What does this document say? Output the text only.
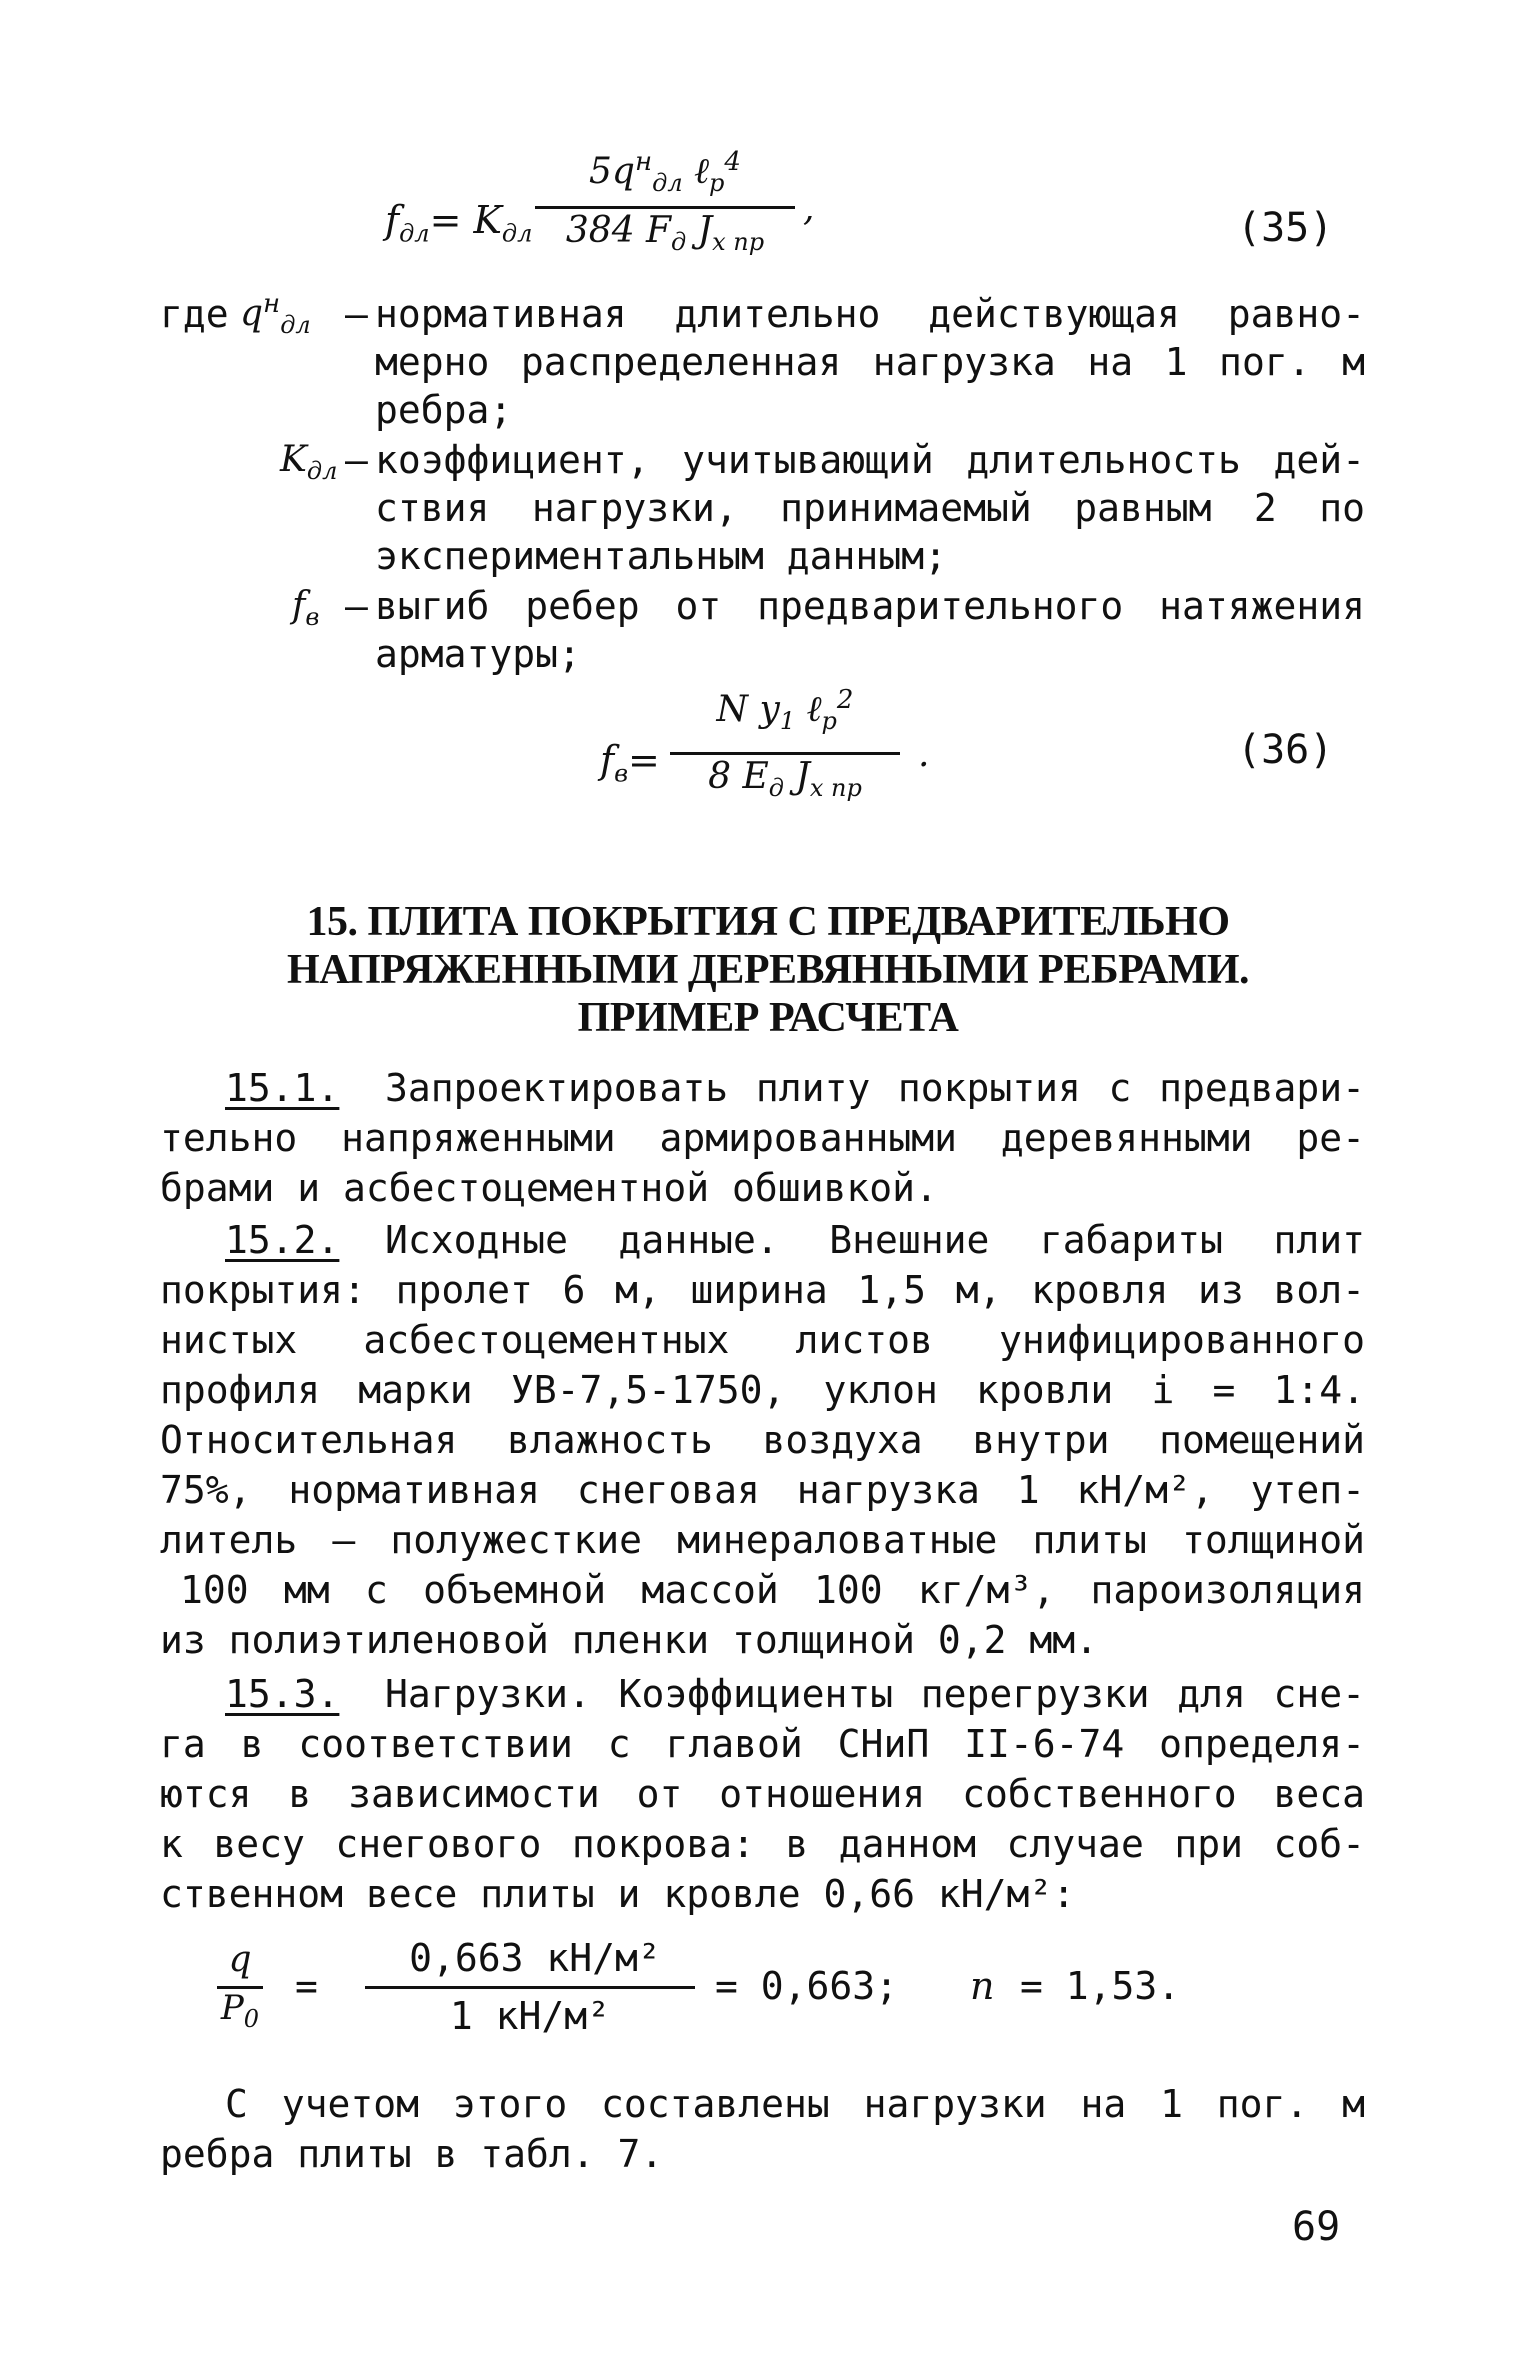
$f_{дл}= K_{дл}$
$5q^н_{дл}$ ℓ$_р^4$
384 $F_д$ $J_{х пр}$
,	(35)
где $q^н_{дл}$ – нормативная длительно действующая равно-
мерно распределенная нагрузка на 1 пог. м
ребра;
$K_{дл}$ – коэффициент, учитывающий длительность дей-
ствия нагрузки, принимаемый равным 2 по
экспериментальным данным;
$f_в$ – выгиб ребер от предварительного натяжения
арматуры;
$f_в=$
N $y_1$ ℓ$_р^2$
8 $E_д$ $J_{х пр}$
.	(36)
15. ПЛИТА ПОКРЫТИЯ С ПРЕДВАРИТЕЛЬНО
НАПРЯЖЕННЫМИ ДЕРЕВЯННЫМИ РЕБРАМИ.
ПРИМЕР РАСЧЕТА
15.1. Запроектировать плиту покрытия с предвари-
тельно напряженными армированными деревянными ре-
брами и асбестоцементной обшивкой.
15.2. Исходные данные. Внешние габариты плит
покрытия: пролет 6 м, ширина 1,5 м, кровля из вол-
нистых асбестоцементных листов унифицированного
профиля марки УВ-7,5-1750, уклон кровли i = 1:4.
Относительная влажность воздуха внутри помещений
75%, нормативная снеговая нагрузка 1 кН/м², утеп-
литель – полужесткие минераловатные плиты толщиной
100 мм с объемной массой 100 кг/м³, пароизоляция
из полиэтиленовой пленки толщиной 0,2 мм.
15.3. Нагрузки. Коэффициенты перегрузки для сне-
га в соответствии с главой СНиП II-6-74 определя-
ются в зависимости от отношения собственного веса
к весу снегового покрова: в данном случае при соб-
ственном весе плиты и кровле 0,66 кН/м²:
q
$P_0$
=
0,663 кН/м²
1 кН/м²
= 0,663; n = 1,53.
С учетом этого составлены нагрузки на 1 пог. м
ребра плиты в табл. 7.
69
